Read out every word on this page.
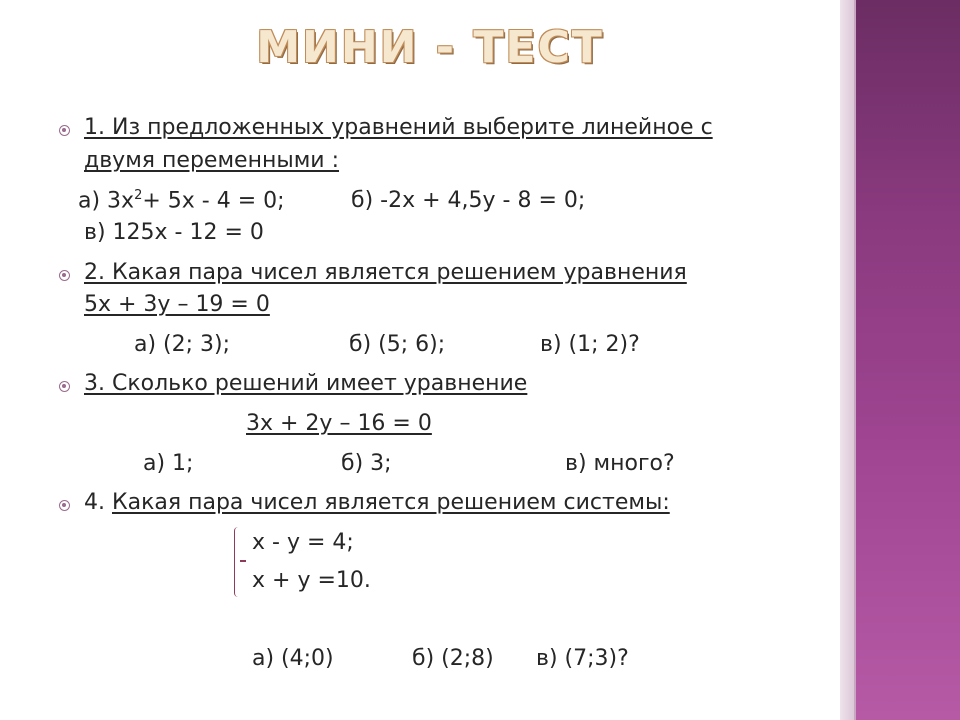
МИНИ - ТЕСТ
1. Из предложенных уравнений выберите линейное с
двумя переменными :
а) $3х^2+ 5х - 4 = 0$;	б) -2х + 4,5у - 8 = 0;
в) 125х - 12 = 0
2. Какая пара чисел является решением уравнения
5х + 3у – 19 = 0
а) (2; 3);	б) (5; 6);	в) (1; 2)?
3. Сколько решений имеет уравнение
3х + 2у – 16 = 0
а) 1;	б) 3;	в) много?
4. Какая пара чисел является решением системы:
х - у = 4;
х + у =10.
а) (4;0)	б) (2;8) в) (7;3)?
